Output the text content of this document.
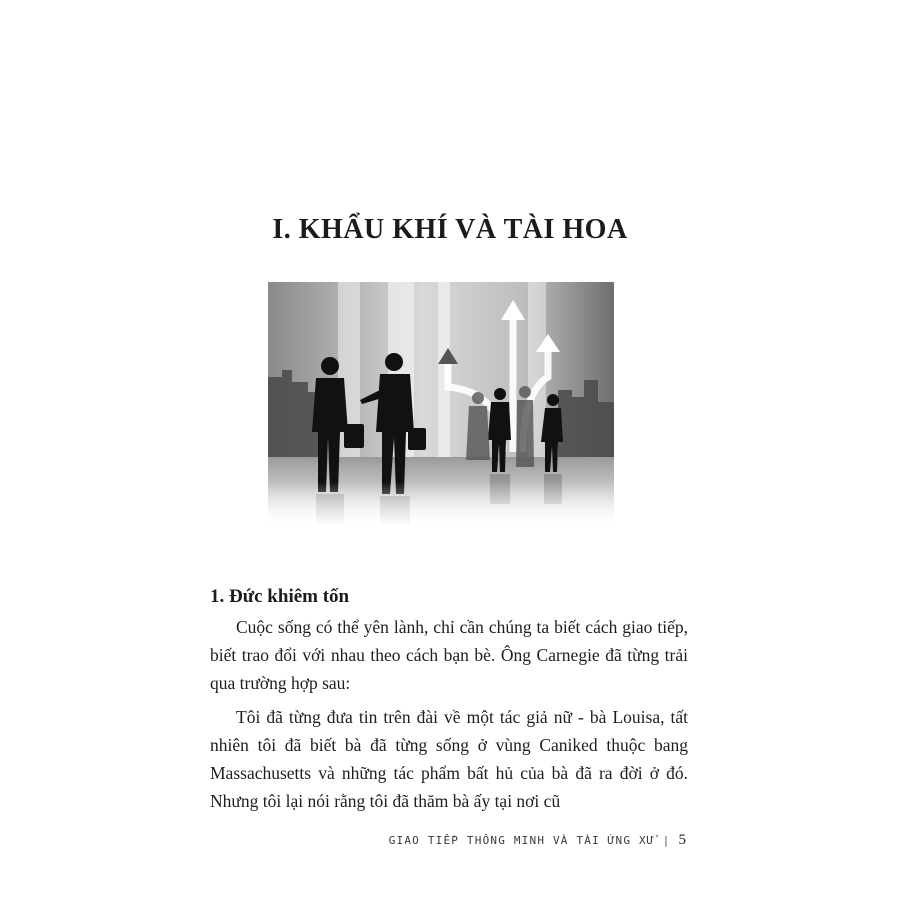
I. KHẨU KHÍ VÀ TÀI HOA
1. Đức khiêm tốn
Cuộc sống có thể yên lành, chỉ cần chúng ta biết cách giao tiếp, biết trao đổi với nhau theo cách bạn bè. Ông Carnegie đã từng trải qua trường hợp sau:
Tôi đã từng đưa tin trên đài về một tác giả nữ - bà Louisa, tất nhiên tôi đã biết bà đã từng sống ở vùng Caniked thuộc bang Massachusetts và những tác phẩm bất hủ của bà đã ra đời ở đó. Nhưng tôi lại nói rằng tôi đã thăm bà ấy tại nơi cũ
GIAO TIẾP THÔNG MINH VÀ TÀI ỨNG XỬ | 5
